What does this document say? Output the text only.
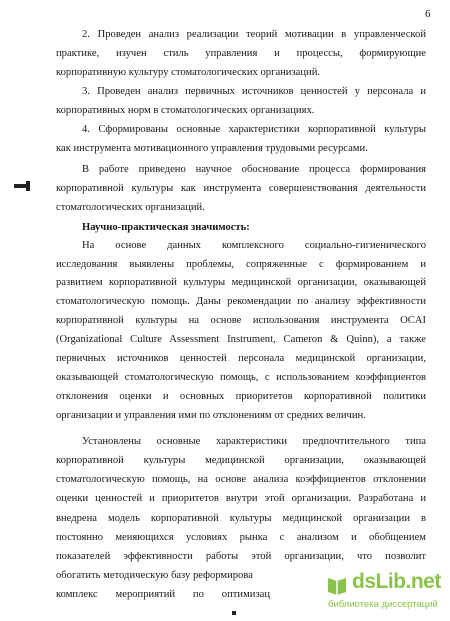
6
2. Проведен анализ реализации теорий мотивации в управленческой
практике, изучен стиль управления и процессы, формирующие
корпоративную культуру стоматологических организаций.
3. Проведен анализ первичных источников ценностей у персонала и
корпоративных норм в стоматологических организациях.
4. Сформированы основные характеристики корпоративной культуры
как инструмента мотивационного управления трудовыми ресурсами.
В работе приведено научное обоснование процесса формирования
корпоративной культуры как инструмента совершенствования деятельности
стоматологических организаций.
Научно-практическая значимость:
На основе данных комплексного социально-гигиенического
исследования выявлены проблемы, сопряженные с формированием и
развитием корпоративной культуры медицинской организации, оказывающей
стоматологическую помощь. Даны рекомендации по анализу эффективности
корпоративной культуры на основе использования инструмента OCAI
(Organizational Culture Assessment Instrument, Cameron & Quinn), а также
первичных источников ценностей персонала медицинской организации,
оказывающей стоматологическую помощь, с использованием коэффициентов
отклонения оценки и основных приоритетов корпоративной политики
организации и управления ими по отклонениям от средних величин.
Установлены основные характеристики предпочтительного типа
корпоративной культуры медицинской организации, оказывающей
стоматологическую помощь, на основе анализа коэффициентов отклонении
оценки ценностей и приоритетов внутри этой организации. Разработана и
внедрена модель корпоративной культуры медицинской организации в
постоянно меняющихся условиях рынка с анализом и обобщением
показателей эффективности работы этой организации, что позволит
обогатить методическую базу реформирова
комплекс мероприятий по оптимизац
dsLib.net
библиотека диссертаций
